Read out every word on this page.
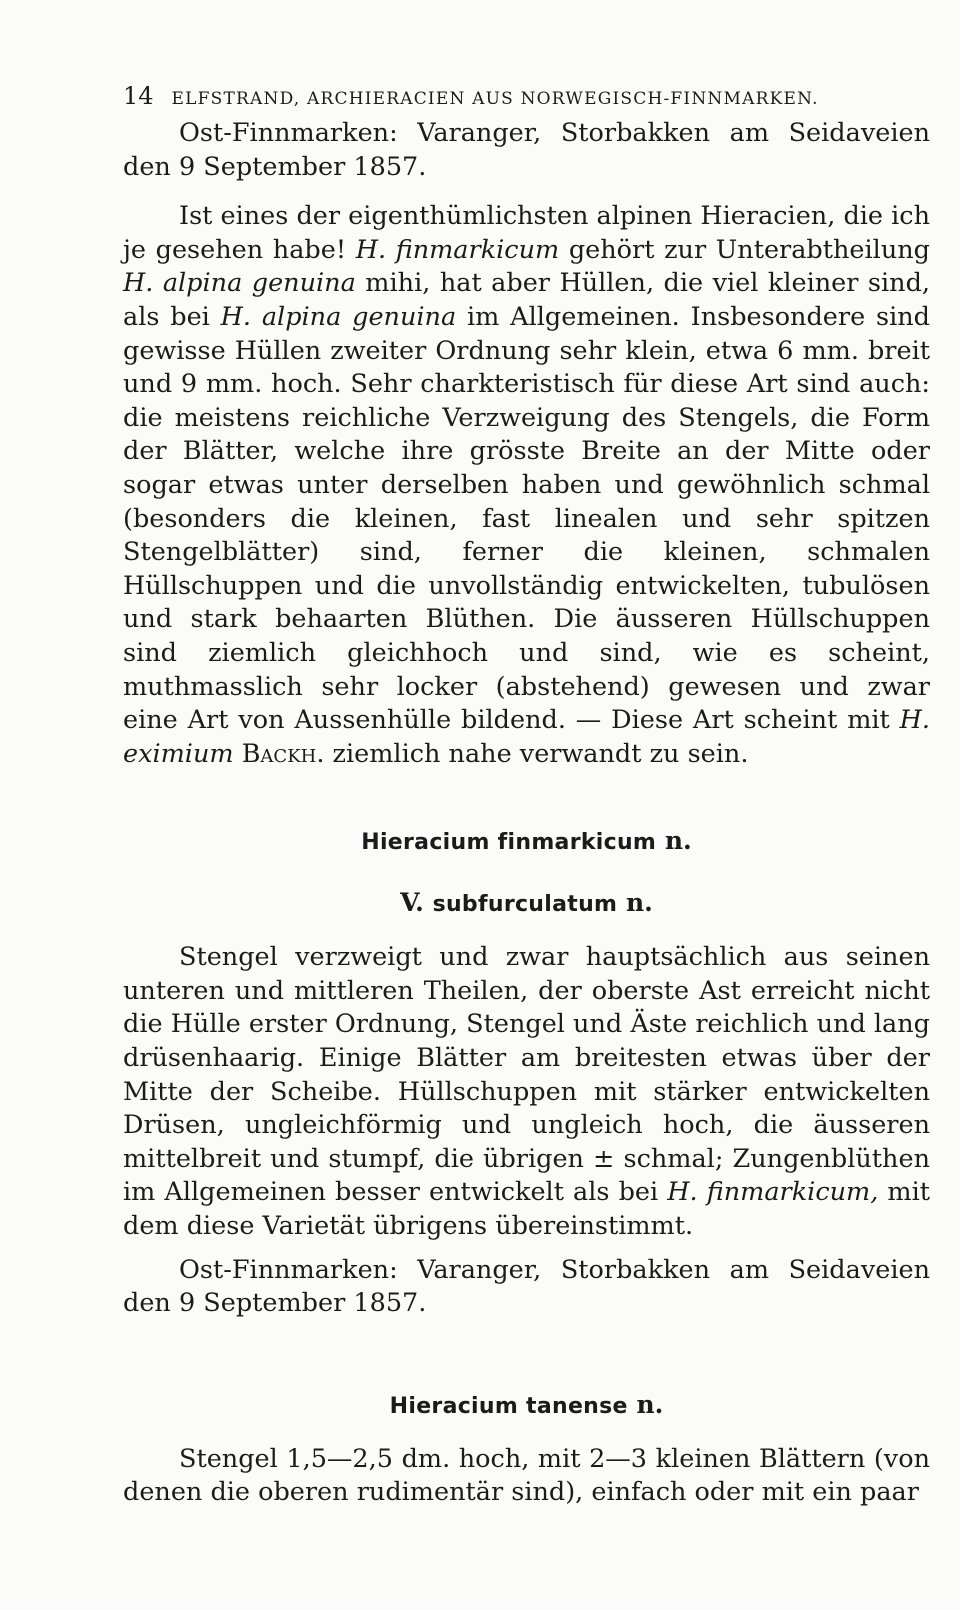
14 ELFSTRAND, ARCHIERACIEN AUS NORWEGISCH-FINNMARKEN.

Ost-Finnmarken: Varanger, Storbakken am Seidaveien den 9 September 1857.

Ist eines der eigenthümlichsten alpinen Hieracien, die ich je gesehen habe! H. finmarkicum gehört zur Unterabtheilung H. alpina genuina mihi, hat aber Hüllen, die viel kleiner sind, als bei H. alpina genuina im Allgemeinen. Insbesondere sind gewisse Hüllen zweiter Ordnung sehr klein, etwa 6 mm. breit und 9 mm. hoch. Sehr charkteristisch für diese Art sind auch: die meistens reichliche Verzweigung des Stengels, die Form der Blätter, welche ihre grösste Breite an der Mitte oder sogar etwas unter derselben haben und gewöhnlich schmal (besonders die kleinen, fast linealen und sehr spitzen Stengelblätter) sind, ferner die kleinen, schmalen Hüllschuppen und die unvollständig entwickelten, tubulösen und stark behaarten Blüthen. Die äusseren Hüllschuppen sind ziemlich gleichhoch und sind, wie es scheint, muthmasslich sehr locker (abstehend) gewesen und zwar eine Art von Aussenhülle bildend. — Diese Art scheint mit H. eximium Backh. ziemlich nahe verwandt zu sein.

Hieracium finmarkicum n.
V. subfurculatum n.

Stengel verzweigt und zwar hauptsächlich aus seinen unteren und mittleren Theilen, der oberste Ast erreicht nicht die Hülle erster Ordnung, Stengel und Äste reichlich und lang drüsenhaarig. Einige Blätter am breitesten etwas über der Mitte der Scheibe. Hüllschuppen mit stärker entwickelten Drüsen, ungleichförmig und ungleich hoch, die äusseren mittelbreit und stumpf, die übrigen ± schmal; Zungenblüthen im Allgemeinen besser entwickelt als bei H. finmarkicum, mit dem diese Varietät übrigens übereinstimmt.

Ost-Finnmarken: Varanger, Storbakken am Seidaveien den 9 September 1857.

Hieracium tanense n.

Stengel 1,5—2,5 dm. hoch, mit 2—3 kleinen Blättern (von denen die oberen rudimentär sind), einfach oder mit ein paar
